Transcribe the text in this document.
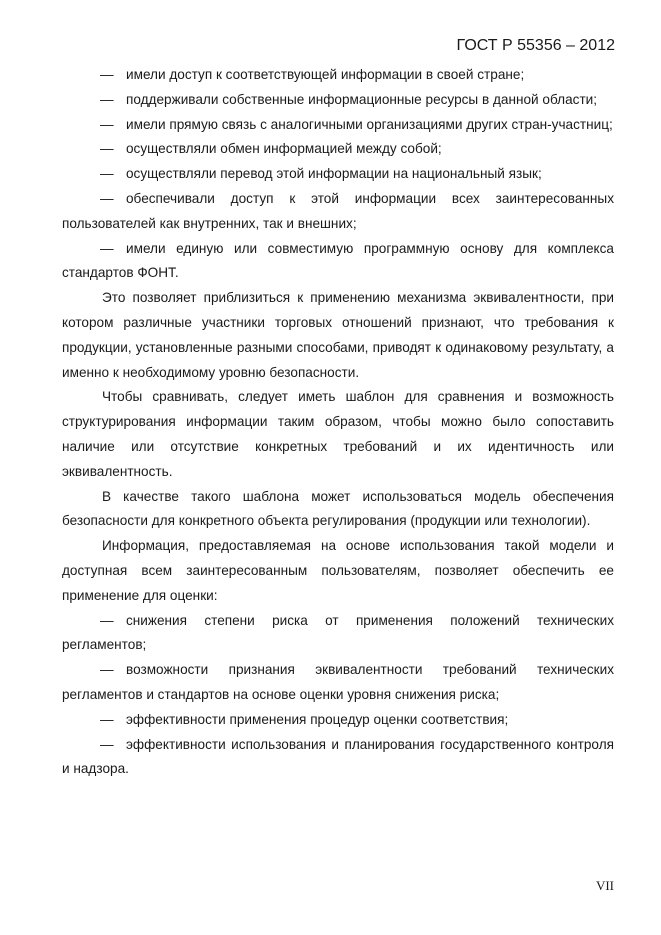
ГОСТ Р 55356 – 2012
— имели доступ к соответствующей информации в своей стране;
— поддерживали собственные информационные ресурсы в данной области;
— имели прямую связь с аналогичными организациями других стран-участниц;
— осуществляли обмен информацией между собой;
— осуществляли перевод этой информации на национальный язык;
— обеспечивали доступ к этой информации всех заинтересованных пользователей как внутренних, так и внешних;
— имели единую или совместимую программную основу для комплекса стандартов ФОНТ.
Это позволяет приблизиться к применению механизма эквивалентности, при котором различные участники торговых отношений признают, что требования к продукции, установленные разными способами, приводят к одинаковому результату, а именно к необходимому уровню безопасности.
Чтобы сравнивать, следует иметь шаблон для сравнения и возможность структурирования информации таким образом, чтобы можно было сопоставить наличие или отсутствие конкретных требований и их идентичность или эквивалентность.
В качестве такого шаблона может использоваться модель обеспечения безопасности для конкретного объекта регулирования (продукции или технологии).
Информация, предоставляемая на основе использования такой модели и доступная всем заинтересованным пользователям, позволяет обеспечить ее применение для оценки:
— снижения степени риска от применения положений технических регламентов;
— возможности признания эквивалентности требований технических регламентов и стандартов на основе оценки уровня снижения риска;
— эффективности применения процедур оценки соответствия;
— эффективности использования и планирования государственного контроля и надзора.
VII
